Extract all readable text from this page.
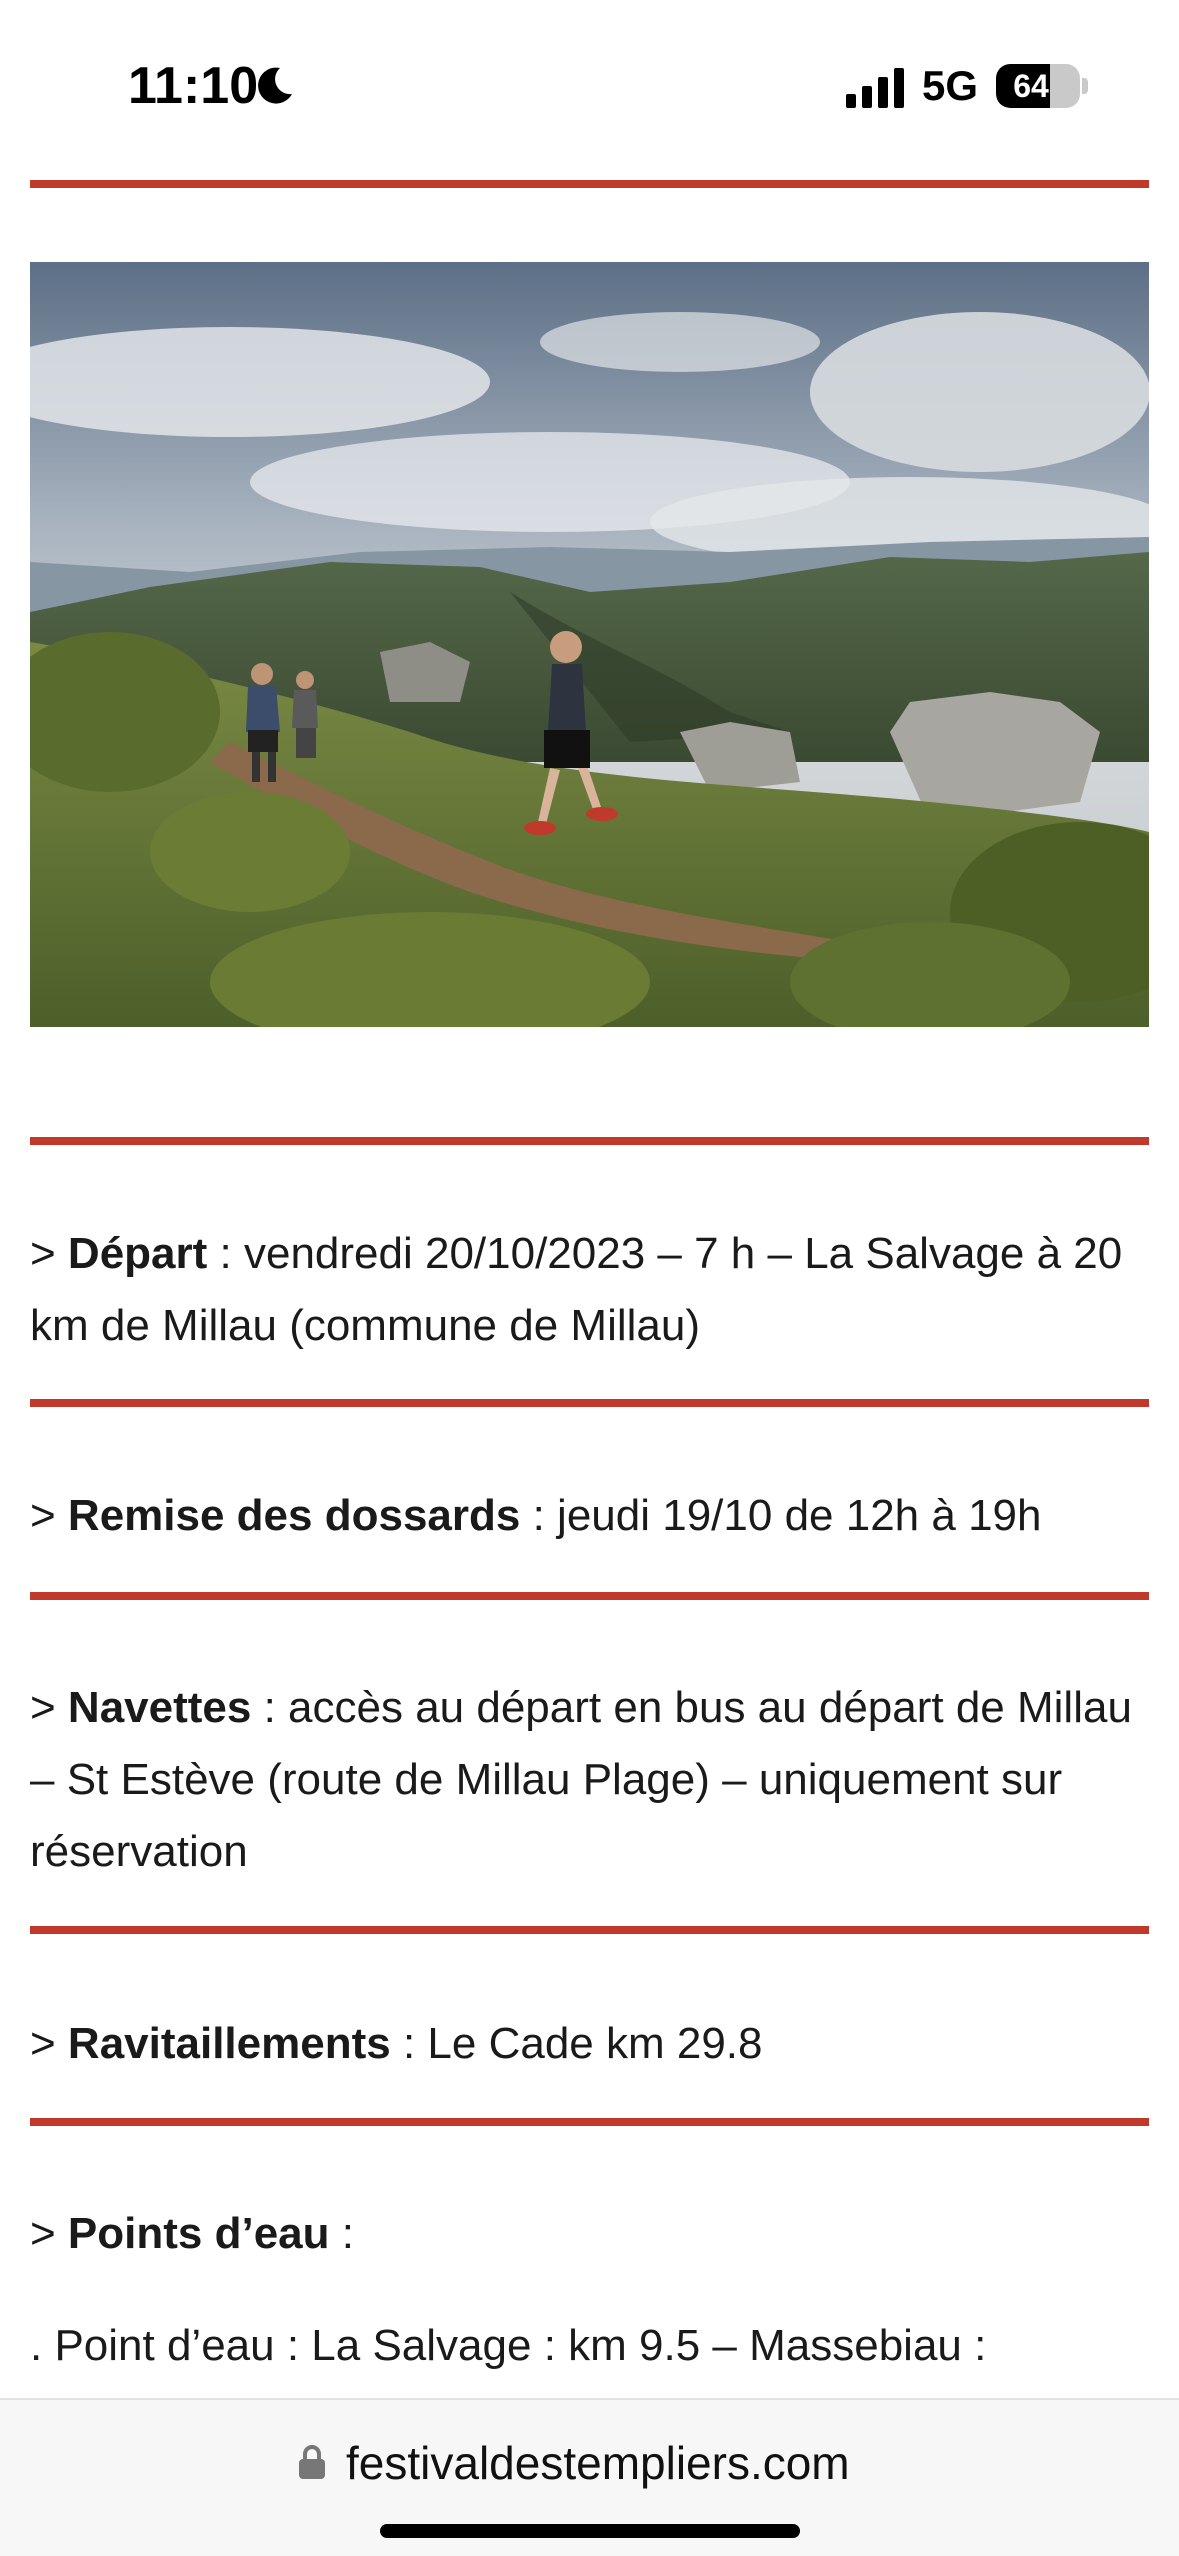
11:10	5G	64

> Départ : vendredi 20/10/2023 – 7 h – La Salvage à 20 km de Millau (commune de Millau)

> Remise des dossards : jeudi 19/10 de 12h à 19h

> Navettes : accès au départ en bus au départ de Millau – St Estève (route de Millau Plage) – uniquement sur réservation

> Ravitaillements : Le Cade km 29.8

> Points d’eau :

. Point d’eau : La Salvage : km 9.5 – Massebiau :

festivaldestempliers.com
